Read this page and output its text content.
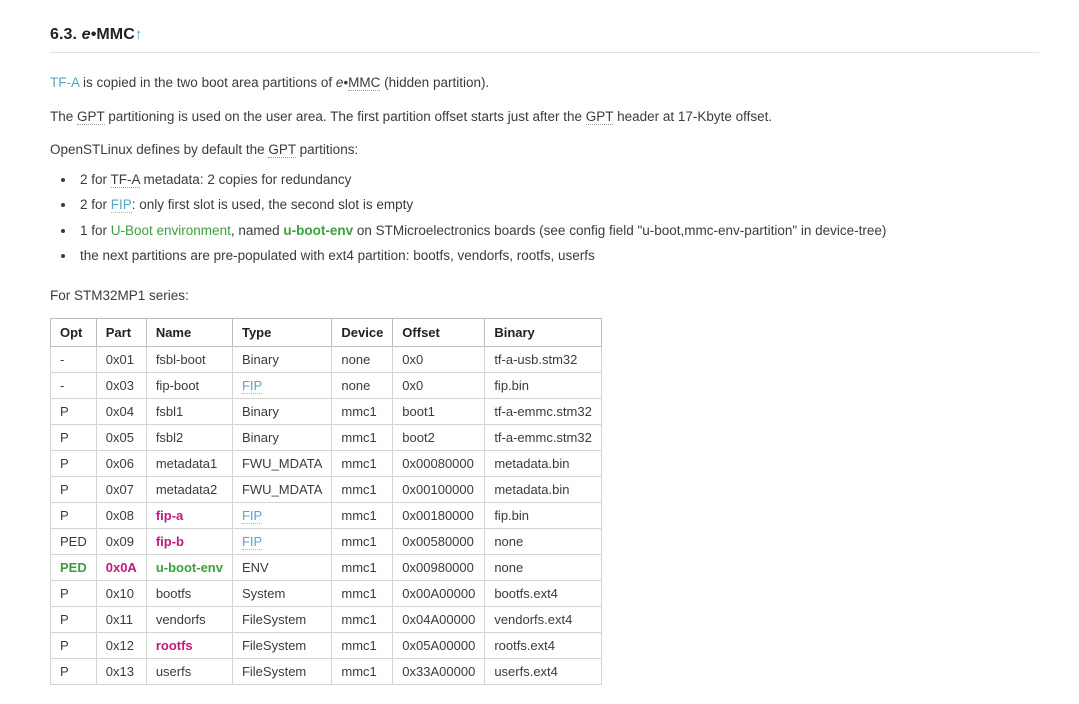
6.3. e•MMC↑

TF-A is copied in the two boot area partitions of e•MMC (hidden partition).

The GPT partitioning is used on the user area. The first partition offset starts just after the GPT header at 17-Kbyte offset.

OpenSTLinux defines by default the GPT partitions:

• 2 for TF-A metadata: 2 copies for redundancy
• 2 for FIP: only first slot is used, the second slot is empty
• 1 for U-Boot environment, named u-boot-env on STMicroelectronics boards (see config field "u-boot,mmc-env-partition" in device-tree)
• the next partitions are pre-populated with ext4 partition: bootfs, vendorfs, rootfs, userfs

For STM32MP1 series:

Opt	Part	Name	Type	Device	Offset	Binary
-	0x01	fsbl-boot	Binary	none	0x0	tf-a-usb.stm32
-	0x03	fip-boot	FIP	none	0x0	fip.bin
P	0x04	fsbl1	Binary	mmc1	boot1	tf-a-emmc.stm32
P	0x05	fsbl2	Binary	mmc1	boot2	tf-a-emmc.stm32
P	0x06	metadata1	FWU_MDATA	mmc1	0x00080000	metadata.bin
P	0x07	metadata2	FWU_MDATA	mmc1	0x00100000	metadata.bin
P	0x08	fip-a	FIP	mmc1	0x00180000	fip.bin
PED	0x09	fip-b	FIP	mmc1	0x00580000	none
PED	0x0A	u-boot-env	ENV	mmc1	0x00980000	none
P	0x10	bootfs	System	mmc1	0x00A00000	bootfs.ext4
P	0x11	vendorfs	FileSystem	mmc1	0x04A00000	vendorfs.ext4
P	0x12	rootfs	FileSystem	mmc1	0x05A00000	rootfs.ext4
P	0x13	userfs	FileSystem	mmc1	0x33A00000	userfs.ext4
